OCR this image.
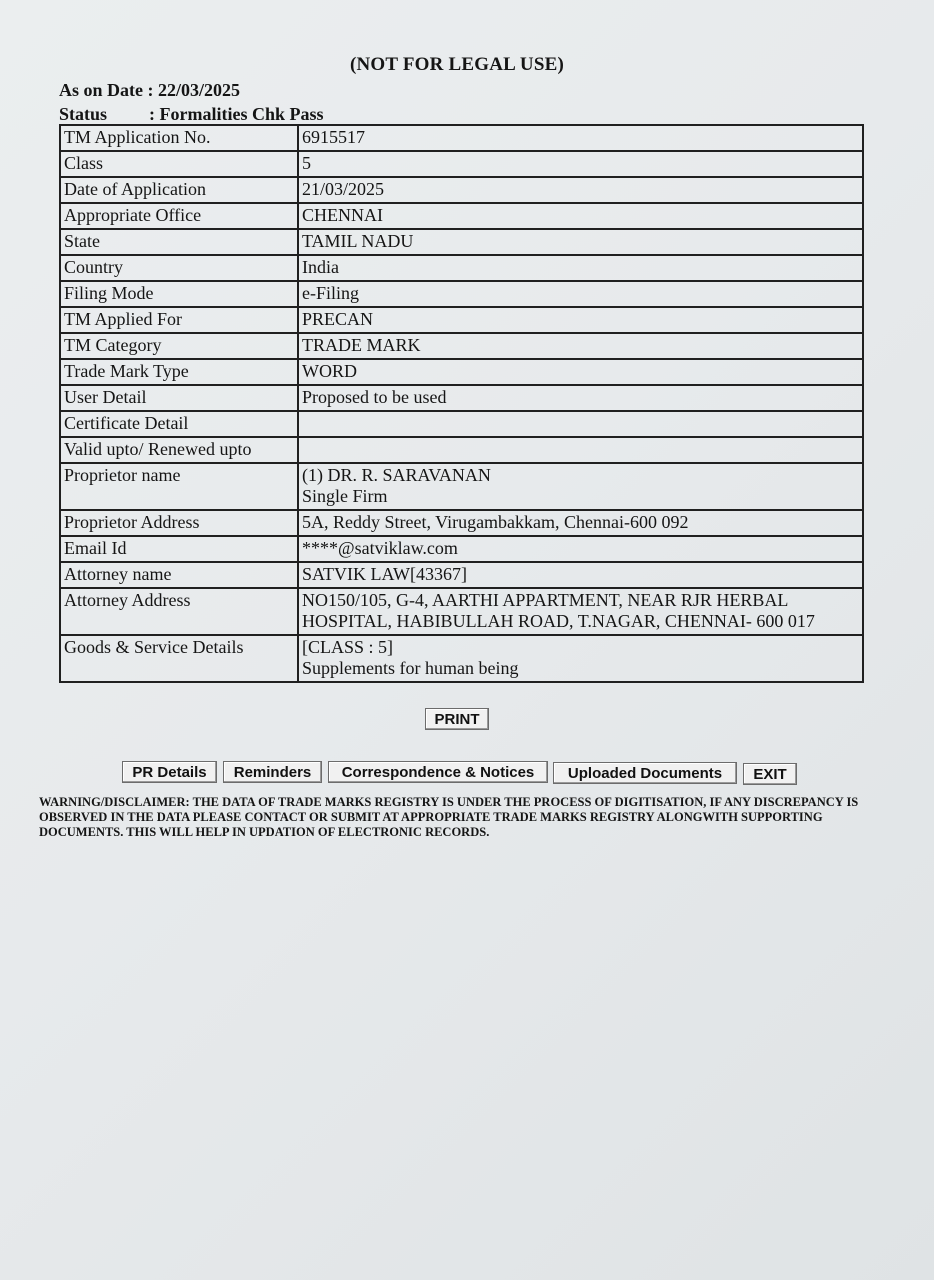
(NOT FOR LEGAL USE)
As on Date : 22/03/2025
Status : Formalities Chk Pass
TM Application No.	6915517
Class	5
Date of Application	21/03/2025
Appropriate Office	CHENNAI
State	TAMIL NADU
Country	India
Filing Mode	e-Filing
TM Applied For	PRECAN
TM Category	TRADE MARK
Trade Mark Type	WORD
User Detail	Proposed to be used
Certificate Detail	
Valid upto/ Renewed upto	
Proprietor name	(1) DR. R. SARAVANAN
Single Firm
Proprietor Address	5A, Reddy Street, Virugambakkam, Chennai-600 092
Email Id	****@satviklaw.com
Attorney name	SATVIK LAW[43367]
Attorney Address	NO150/105, G-4, AARTHI APPARTMENT, NEAR RJR HERBAL
HOSPITAL, HABIBULLAH ROAD, T.NAGAR, CHENNAI- 600 017
Goods & Service Details	[CLASS : 5]
Supplements for human being
PRINT
PR Details	Reminders	Correspondence & Notices	Uploaded Documents	EXIT
WARNING/DISCLAIMER: THE DATA OF TRADE MARKS REGISTRY IS UNDER THE PROCESS OF DIGITISATION, IF ANY DISCREPANCY IS OBSERVED IN THE DATA PLEASE CONTACT OR SUBMIT AT APPROPRIATE TRADE MARKS REGISTRY ALONGWITH SUPPORTING DOCUMENTS. THIS WILL HELP IN UPDATION OF ELECTRONIC RECORDS.
